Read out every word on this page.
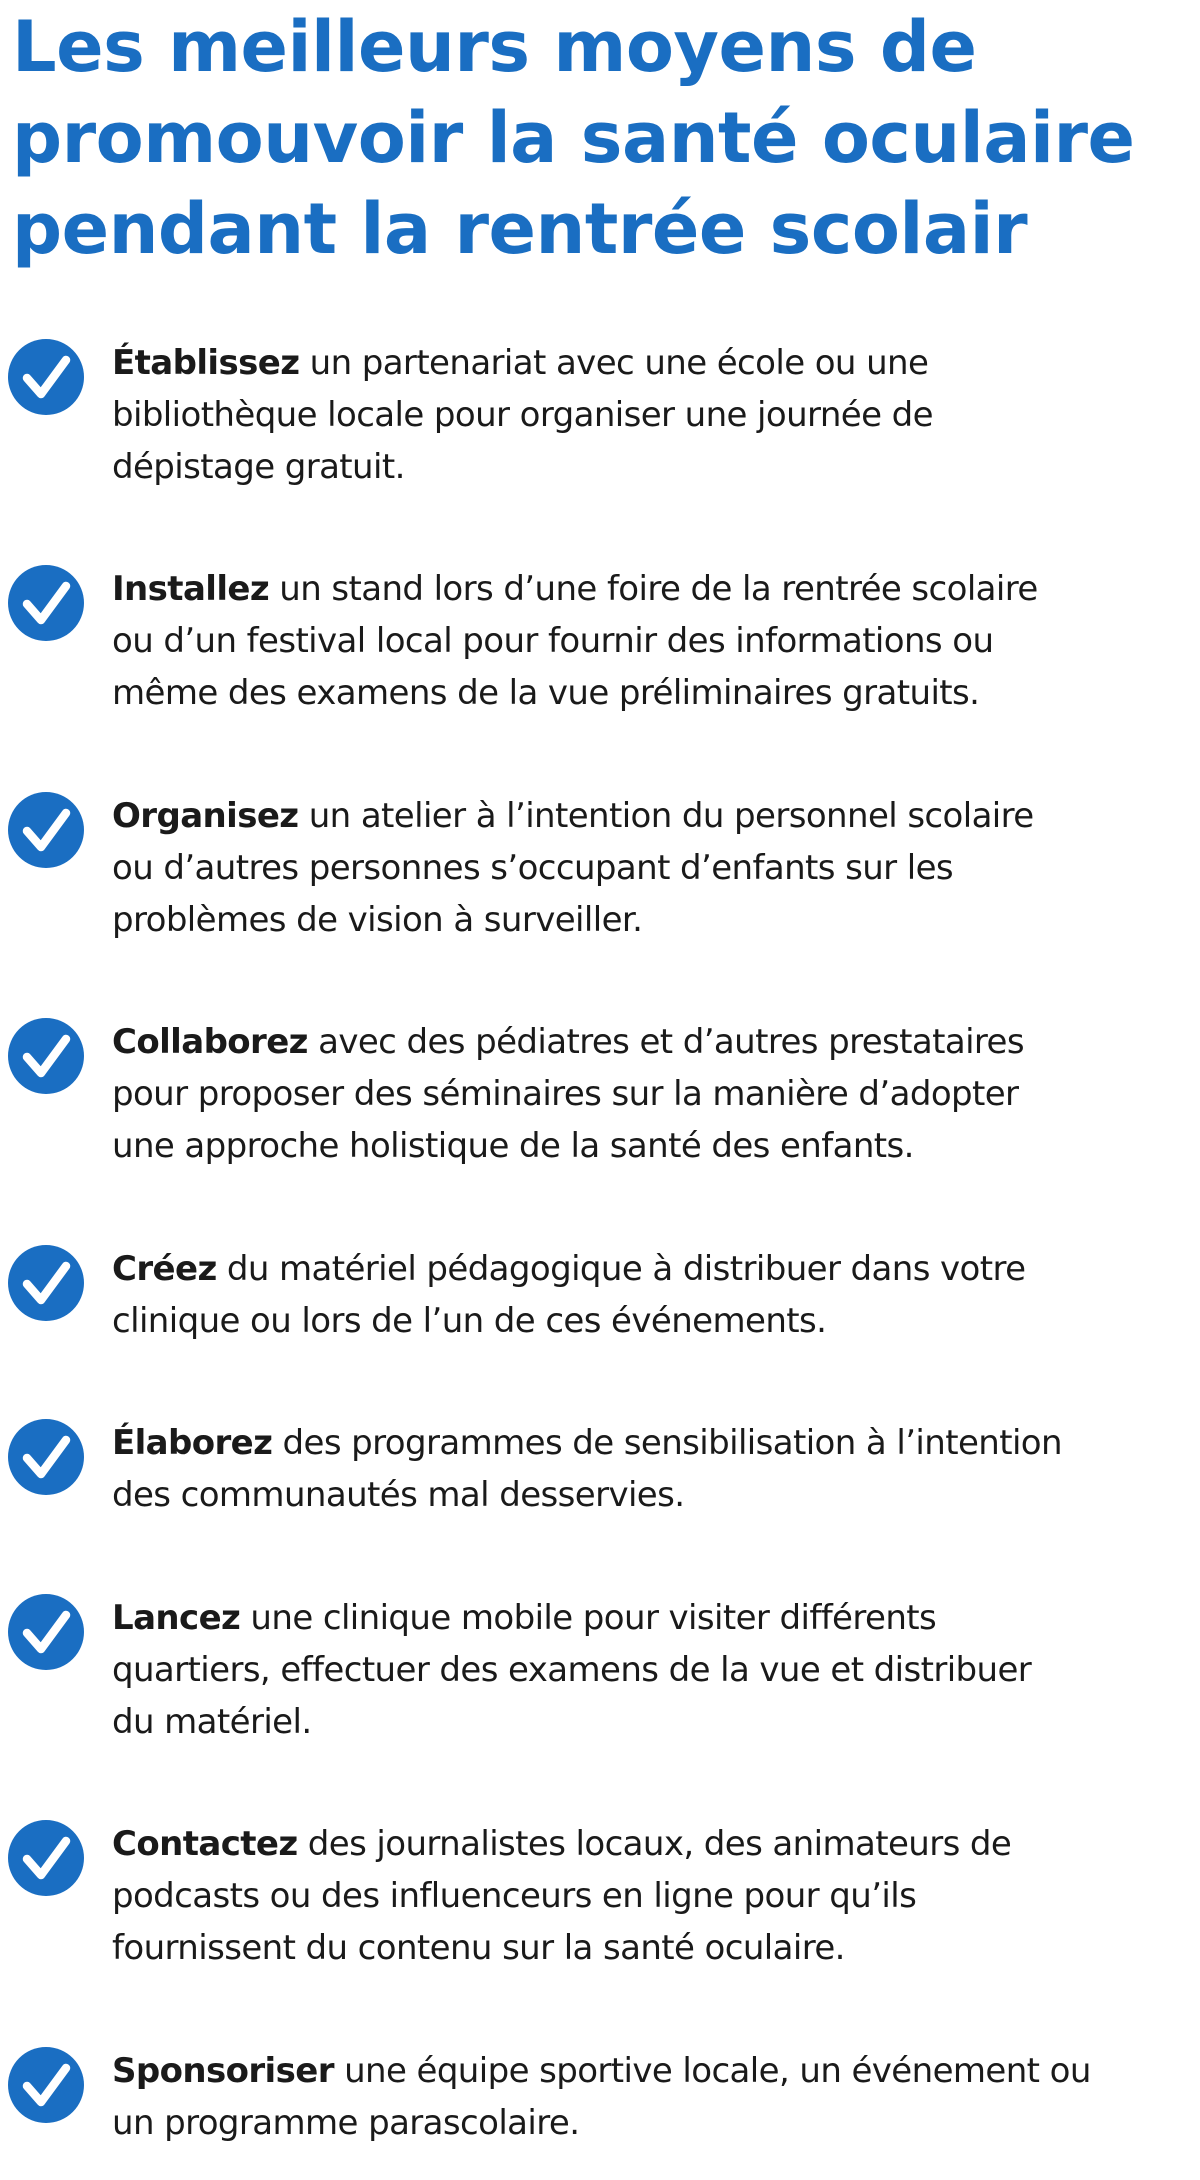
Les meilleurs moyens de
promouvoir la santé oculaire
pendant la rentrée scolair

Établissez un partenariat avec une école ou une
bibliothèque locale pour organiser une journée de
dépistage gratuit.

Installez un stand lors d’une foire de la rentrée scolaire
ou d’un festival local pour fournir des informations ou
même des examens de la vue préliminaires gratuits.

Organisez un atelier à l’intention du personnel scolaire
ou d’autres personnes s’occupant d’enfants sur les
problèmes de vision à surveiller.

Collaborez avec des pédiatres et d’autres prestataires
pour proposer des séminaires sur la manière d’adopter
une approche holistique de la santé des enfants.

Créez du matériel pédagogique à distribuer dans votre
clinique ou lors de l’un de ces événements.

Élaborez des programmes de sensibilisation à l’intention
des communautés mal desservies.

Lancez une clinique mobile pour visiter différents
quartiers, effectuer des examens de la vue et distribuer
du matériel.

Contactez des journalistes locaux, des animateurs de
podcasts ou des influenceurs en ligne pour qu’ils
fournissent du contenu sur la santé oculaire.

Sponsoriser une équipe sportive locale, un événement ou
un programme parascolaire.
